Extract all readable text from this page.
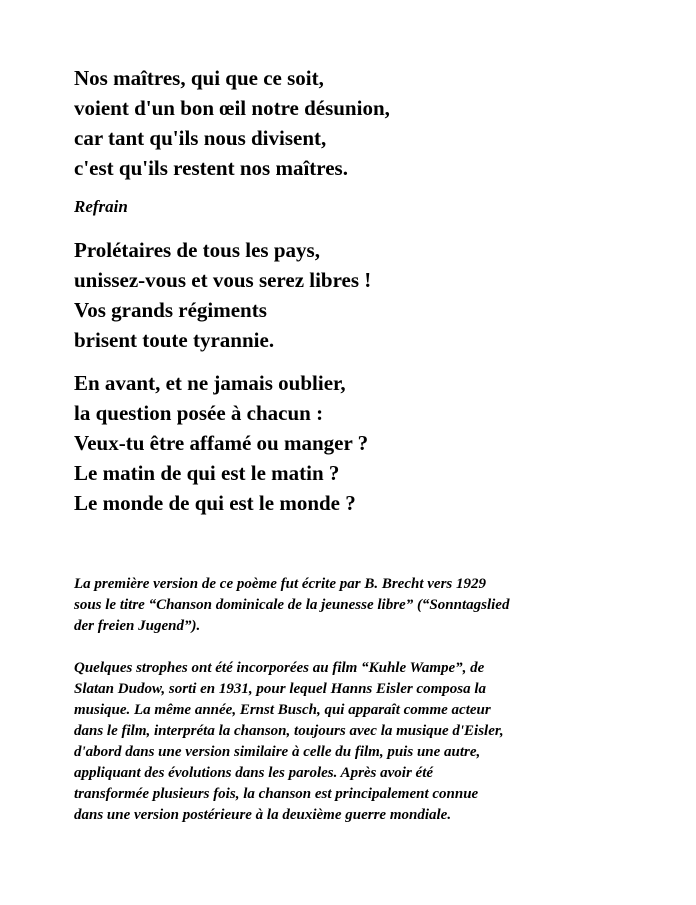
Nos maîtres, qui que ce soit,
voient d'un bon œil notre désunion,
car tant qu'ils nous divisent,
c'est qu'ils restent nos maîtres.

Refrain

Prolétaires de tous les pays,
unissez-vous et vous serez libres !
Vos grands régiments
brisent toute tyrannie.

En avant, et ne jamais oublier,
la question posée à chacun :
Veux-tu être affamé ou manger ?
Le matin de qui est le matin ?
Le monde de qui est le monde ?

La première version de ce poème fut écrite par B. Brecht vers 1929
sous le titre “Chanson dominicale de la jeunesse libre” (“Sonntagslied
der freien Jugend”).

Quelques strophes ont été incorporées au film “Kuhle Wampe”, de
Slatan Dudow, sorti en 1931, pour lequel Hanns Eisler composa la
musique. La même année, Ernst Busch, qui apparaît comme acteur
dans le film, interpréta la chanson, toujours avec la musique d'Eisler,
d'abord dans une version similaire à celle du film, puis une autre,
appliquant des évolutions dans les paroles. Après avoir été
transformée plusieurs fois, la chanson est principalement connue
dans une version postérieure à la deuxième guerre mondiale.
